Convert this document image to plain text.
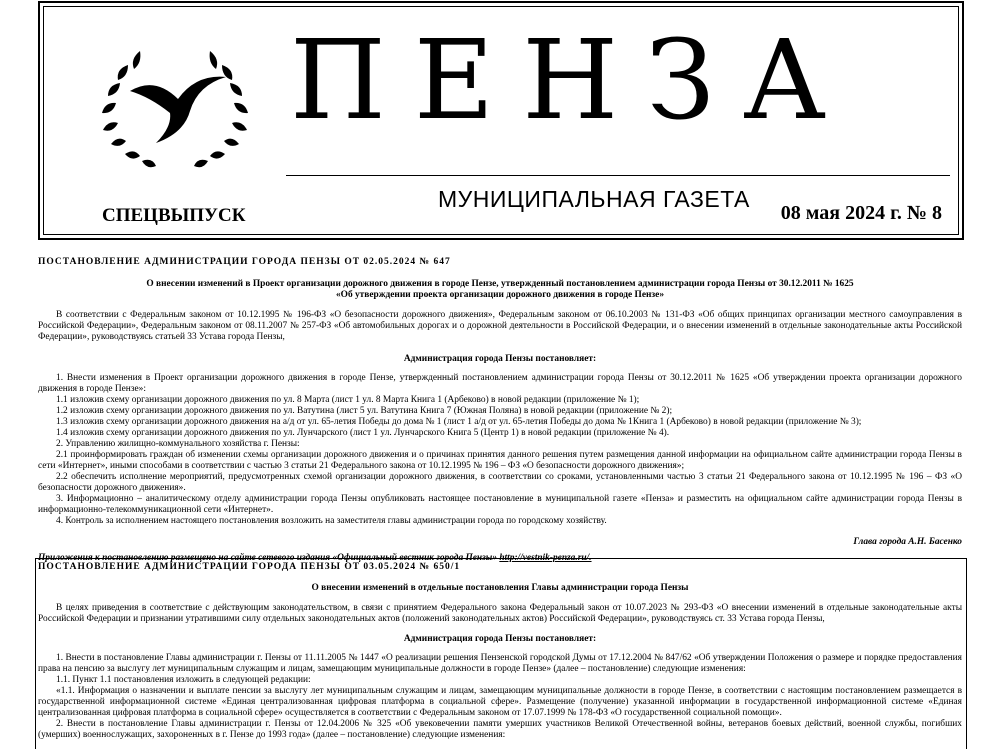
ПЕНЗА
МУНИЦИПАЛЬНАЯ ГАЗЕТА
СПЕЦВЫПУСК	08 мая 2024 г. № 8

ПОСТАНОВЛЕНИЕ АДМИНИСТРАЦИИ ГОРОДА ПЕНЗЫ ОТ 02.05.2024 № 647

О внесении изменений в Проект организации дорожного движения в городе Пензе, утвержденный постановлением администрации города Пензы от 30.12.2011 № 1625

«Об утверждении проекта организации дорожного движения в городе Пензе»

В соответствии с Федеральным законом от 10.12.1995 № 196-ФЗ «О безопасности дорожного движения», Федеральным законом от 06.10.2003 № 131-ФЗ «Об общих принципах организации местного самоуправления в Российской Федерации», Федеральным законом от 08.11.2007 № 257-ФЗ «Об автомобильных дорогах и о дорожной деятельности в Российской Федерации, и о внесении изменений в отдельные законодательные акты Российской Федерации», руководствуясь статьей 33 Устава города Пензы,

Администрация города Пензы постановляет:

1. Внести изменения в Проект организации дорожного движения в городе Пензе, утвержденный постановлением администрации города Пензы от 30.12.2011 № 1625 «Об утверждении проекта организации дорожного движения в городе Пензе»:

1.1 изложив схему организации дорожного движения по ул. 8 Марта (лист 1 ул. 8 Марта Книга 1 (Арбеково) в новой редакции (приложение № 1);

1.2 изложив схему организации дорожного движения по ул. Ватутина (лист 5 ул. Ватутина Книга 7 (Южная Поляна) в новой редакции (приложение № 2);

1.3 изложив схему организации дорожного движения на а/д от ул. 65-летия Победы до дома № 1 (лист 1 а/д от ул. 65-летия Победы до дома № 1Книга 1 (Арбеково) в новой редакции (приложение № 3);

1.4 изложив схему организации дорожного движения по ул. Лунчарского (лист 1 ул. Лунчарского Книга 5 (Центр 1) в новой редакции (приложение № 4).

2. Управлению жилищно-коммунального хозяйства г. Пензы:

2.1 проинформировать граждан об изменении схемы организации дорожного движения и о причинах принятия данного решения путем размещения данной информации на официальном сайте администрации города Пензы в сети «Интернет», иными способами в соответствии с частью 3 статьи 21 Федерального закона от 10.12.1995 № 196 – ФЗ «О безопасности дорожного движения»;

2.2 обеспечить исполнение мероприятий, предусмотренных схемой организации дорожного движения, в соответствии со сроками, установленными частью 3 статьи 21 Федерального закона от 10.12.1995 № 196 – ФЗ «О безопасности дорожного движения».

3. Информационно – аналитическому отделу администрации города Пензы опубликовать настоящее постановление в муниципальной газете «Пенза» и разместить на официальном сайте администрации города Пензы в информационно-телекоммуникационной сети «Интернет».

4. Контроль за исполнением настоящего постановления возложить на заместителя главы администрации города по городскому хозяйству.

Глава города А.Н. Басенко

Приложения к постановлению размещено на сайте сетевого издания «Официальный вестник города Пензы» http://vestnik-penza.ru/.

ПОСТАНОВЛЕНИЕ АДМИНИСТРАЦИИ ГОРОДА ПЕНЗЫ ОТ 03.05.2024 № 650/1

О внесении изменений в отдельные постановления Главы администрации города Пензы

В целях приведения в соответствие с действующим законодательством, в связи с принятием Федерального закона Федеральный закон от 10.07.2023 № 293-ФЗ «О внесении изменений в отдельные законодательные акты Российской Федерации и признании утратившими силу отдельных законодательных актов (положений законодательных актов) Российской Федерации», руководствуясь ст. 33 Устава города Пензы,

Администрация города Пензы постановляет:

1. Внести в постановление Главы администрации г. Пензы от 11.11.2005 № 1447 «О реализации решения Пензенской городской Думы от 17.12.2004 № 847/62 «Об утверждении Положения о размере и порядке предоставления права на пенсию за выслугу лет муниципальным служащим и лицам, замещающим муниципальные должности в городе Пензе» (далее – постановление) следующие изменения:

1.1. Пункт 1.1 постановления изложить в следующей редакции:

«1.1. Информация о назначении и выплате пенсии за выслугу лет муниципальным служащим и лицам, замещающим муниципальные должности в городе Пензе, в соответствии с настоящим постановлением размещается в государственной информационной системе «Единая централизованная цифровая платформа в социальной сфере». Размещение (получение) указанной информации в государственной информационной системе «Единая централизованная цифровая платформа в социальной сфере» осуществляется в соответствии с Федеральным законом от 17.07.1999 № 178-ФЗ «О государственной социальной помощи».

2. Внести в постановление Главы администрации г. Пензы от 12.04.2006 № 325 «Об увековечении памяти умерших участников Великой Отечественной войны, ветеранов боевых действий, военной службы, погибших (умерших) военнослужащих, захороненных в г. Пензе до 1993 года» (далее – постановление) следующие изменения:
